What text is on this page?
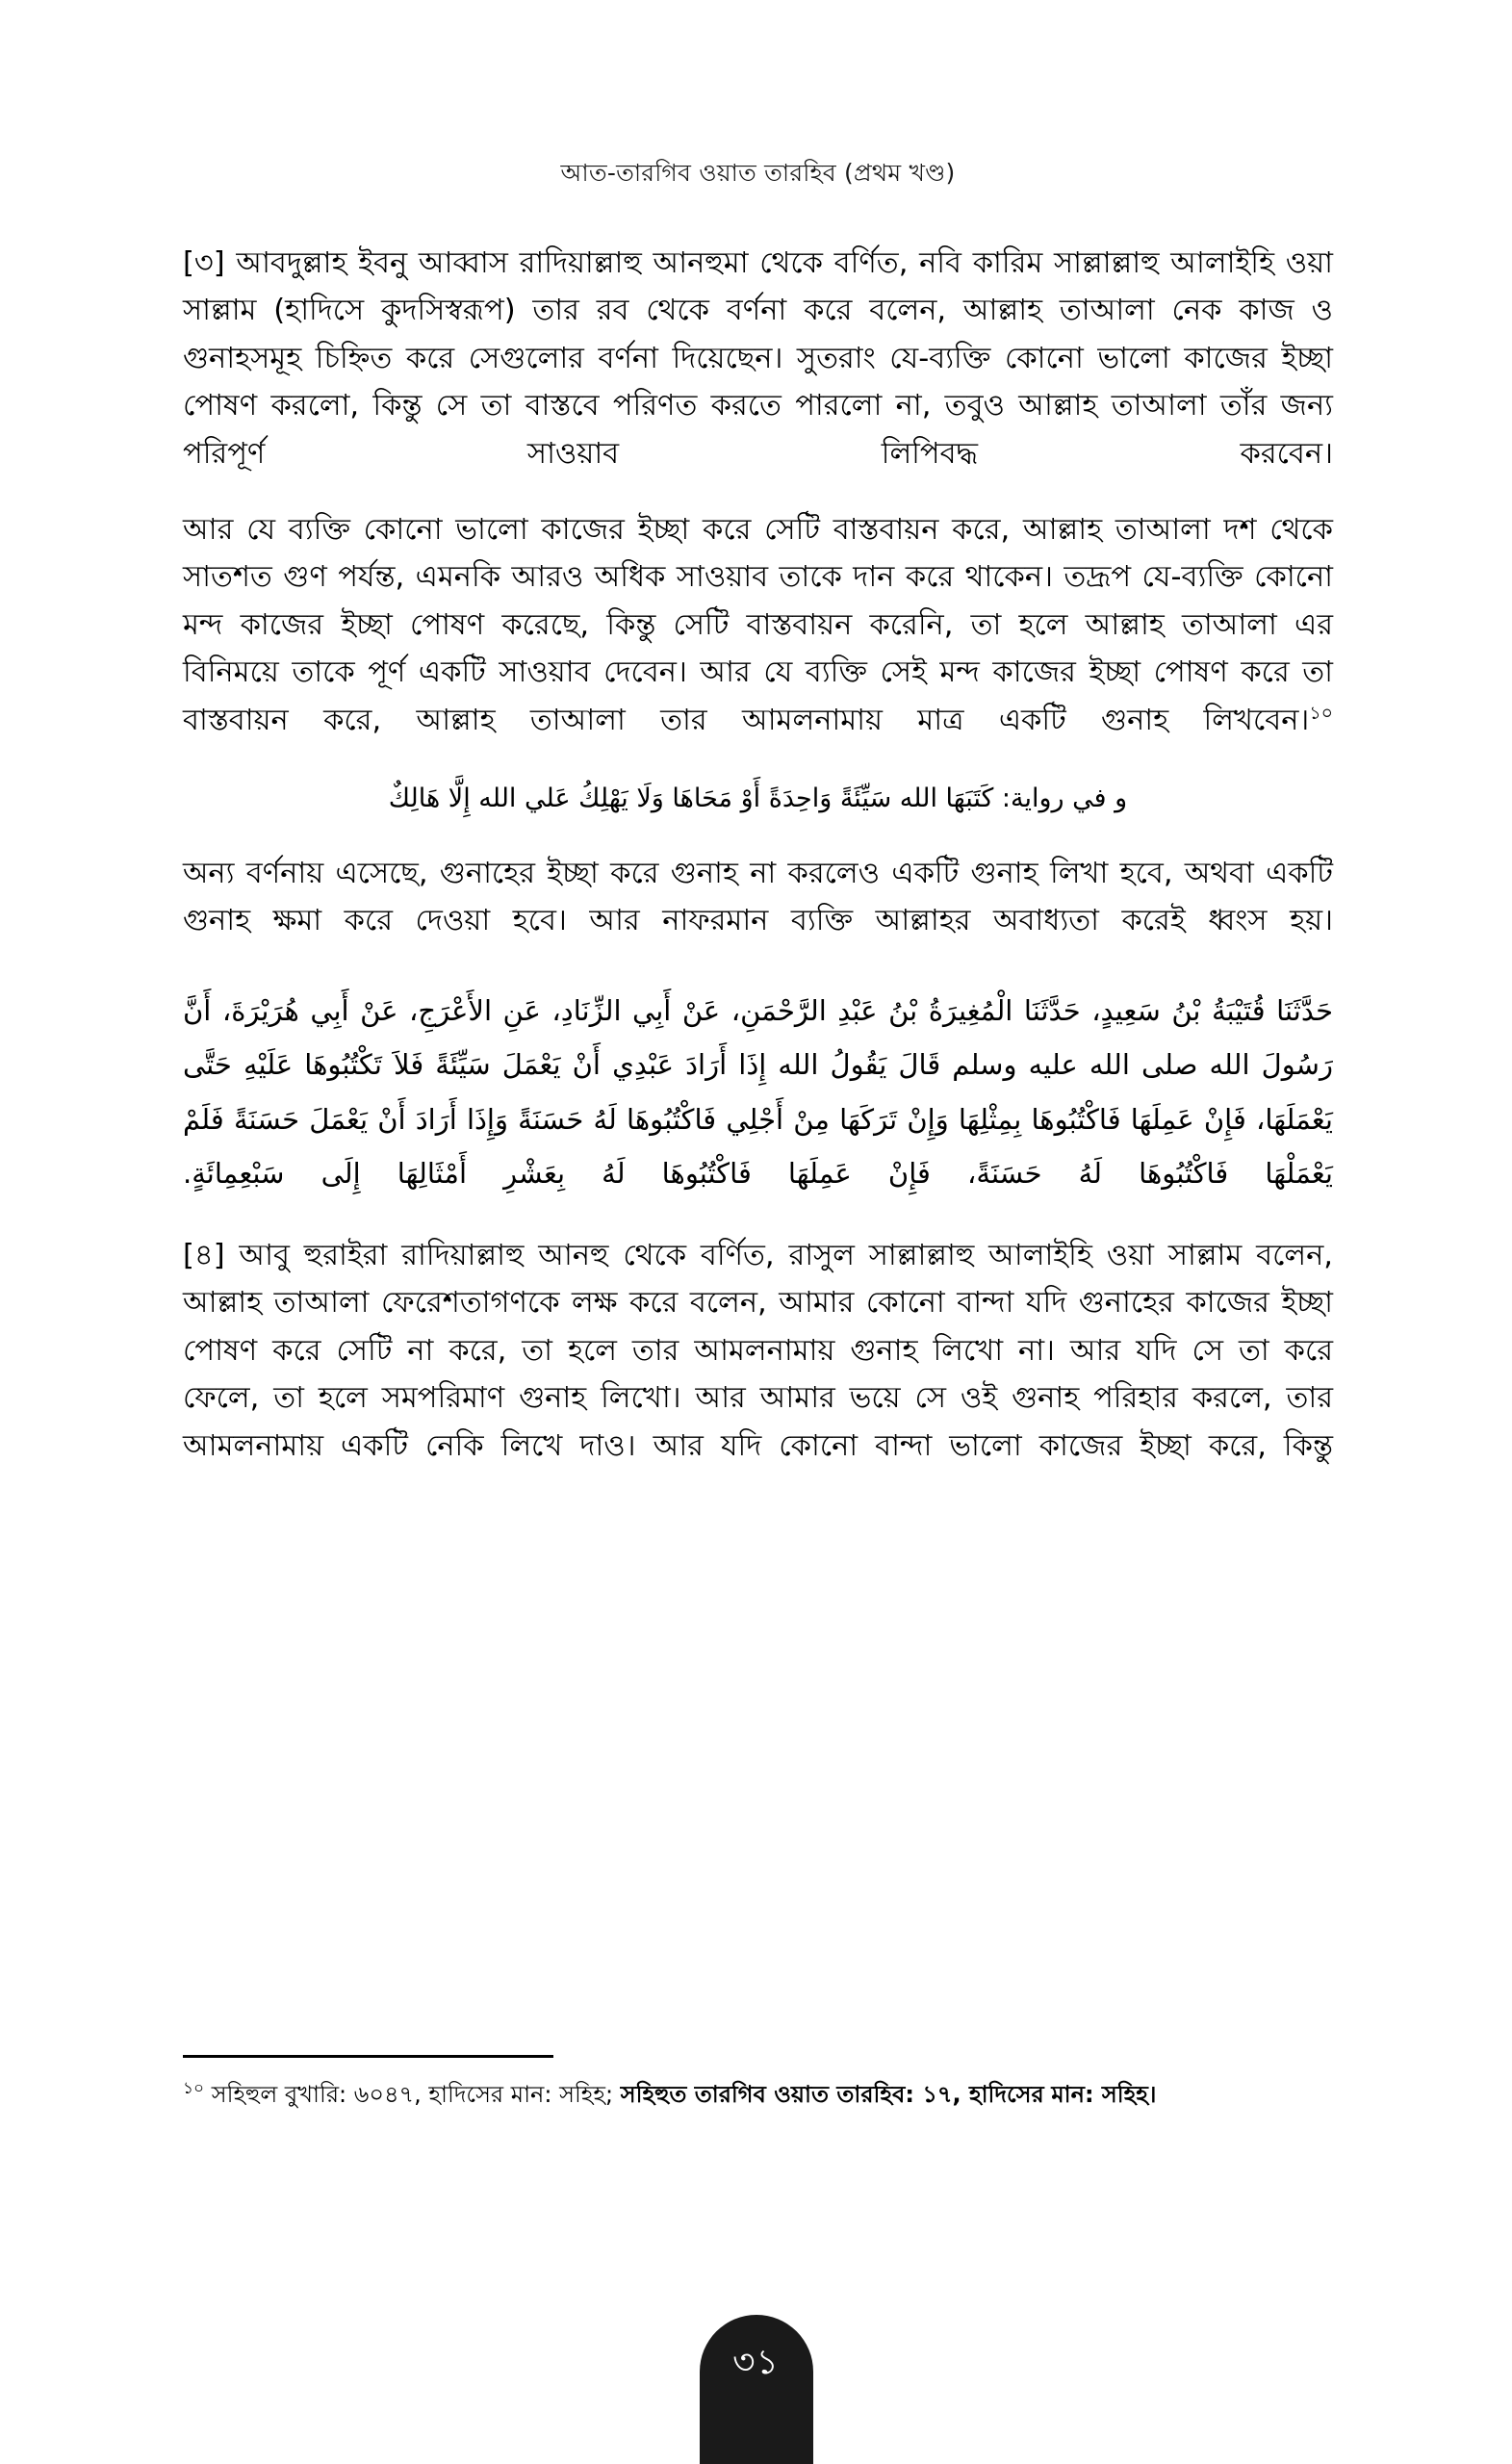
আত-তারগিব ওয়াত তারহিব (প্রথম খণ্ড)

[৩] আবদুল্লাহ ইবনু আব্বাস রাদিয়াল্লাহু আনহুমা থেকে বর্ণিত, নবি কারিম সাল্লাল্লাহু আলাইহি ওয়া সাল্লাম (হাদিসে কুদসিস্বরূপ) তার রব থেকে বর্ণনা করে বলেন, আল্লাহ তাআলা নেক কাজ ও গুনাহসমূহ চিহ্নিত করে সেগুলোর বর্ণনা দিয়েছেন। সুতরাং যে-ব্যক্তি কোনো ভালো কাজের ইচ্ছা পোষণ করলো, কিন্তু সে তা বাস্তবে পরিণত করতে পারলো না, তবুও আল্লাহ তাআলা তাঁর জন্য পরিপূর্ণ সাওয়াব লিপিবদ্ধ করবেন।

আর যে ব্যক্তি কোনো ভালো কাজের ইচ্ছা করে সেটি বাস্তবায়ন করে, আল্লাহ তাআলা দশ থেকে সাতশত গুণ পর্যন্ত, এমনকি আরও অধিক সাওয়াব তাকে দান করে থাকেন। তদ্রূপ যে-ব্যক্তি কোনো মন্দ কাজের ইচ্ছা পোষণ করেছে, কিন্তু সেটি বাস্তবায়ন করেনি, তা হলে আল্লাহ তাআলা এর বিনিময়ে তাকে পূর্ণ একটি সাওয়াব দেবেন। আর যে ব্যক্তি সেই মন্দ কাজের ইচ্ছা পোষণ করে তা বাস্তবায়ন করে, আল্লাহ তাআলা তার আমলনামায় মাত্র একটি গুনাহ লিখবেন।$^{১০}$

و في رواية: كَتَبَهَا الله سَيِّئَةً وَاحِدَةً أَوْ مَحَاهَا وَلَا يَهْلِكُ عَلي الله إِلَّا هَالِكٌ

অন্য বর্ণনায় এসেছে, গুনাহের ইচ্ছা করে গুনাহ না করলেও একটি গুনাহ লিখা হবে, অথবা একটি গুনাহ ক্ষমা করে দেওয়া হবে। আর নাফরমান ব্যক্তি আল্লাহর অবাধ্যতা করেই ধ্বংস হয়।

حَدَّثَنَا قُتَيْبَةُ بْنُ سَعِيدٍ، حَدَّثَنَا الْمُغِيرَةُ بْنُ عَبْدِ الرَّحْمَنِ، عَنْ أَبِي الزِّنَادِ، عَنِ الأَعْرَجِ، عَنْ أَبِي هُرَيْرَةَ، أَنَّ رَسُولَ الله صلى الله عليه وسلم قَالَ يَقُولُ الله إِذَا أَرَادَ عَبْدِي أَنْ يَعْمَلَ سَيِّئَةً فَلاَ تَكْتُبُوهَا عَلَيْهِ حَتَّى يَعْمَلَهَا، فَإِنْ عَمِلَهَا فَاكْتُبُوهَا بِمِثْلِهَا وَإِنْ تَرَكَهَا مِنْ أَجْلِي فَاكْتُبُوهَا لَهُ حَسَنَةً وَإِذَا أَرَادَ أَنْ يَعْمَلَ حَسَنَةً فَلَمْ يَعْمَلْهَا فَاكْتُبُوهَا لَهُ حَسَنَةً، فَإِنْ عَمِلَهَا فَاكْتُبُوهَا لَهُ بِعَشْرِ أَمْثَالِهَا إِلَى سَبْعِمِائَةٍ.

[৪] আবু হুরাইরা রাদিয়াল্লাহু আনহু থেকে বর্ণিত, রাসুল সাল্লাল্লাহু আলাইহি ওয়া সাল্লাম বলেন, আল্লাহ তাআলা ফেরেশতাগণকে লক্ষ করে বলেন, আমার কোনো বান্দা যদি গুনাহের কাজের ইচ্ছা পোষণ করে সেটি না করে, তা হলে তার আমলনামায় গুনাহ লিখো না। আর যদি সে তা করে ফেলে, তা হলে সমপরিমাণ গুনাহ লিখো। আর আমার ভয়ে সে ওই গুনাহ পরিহার করলে, তার আমলনামায় একটি নেকি লিখে দাও। আর যদি কোনো বান্দা ভালো কাজের ইচ্ছা করে, কিন্তু

$^{১০}$ সহিহুল বুখারি: ৬০৪৭, হাদিসের মান: সহিহ; সহিহুত তারগিব ওয়াত তারহিব: ১৭, হাদিসের মান: সহিহ।
৩১
